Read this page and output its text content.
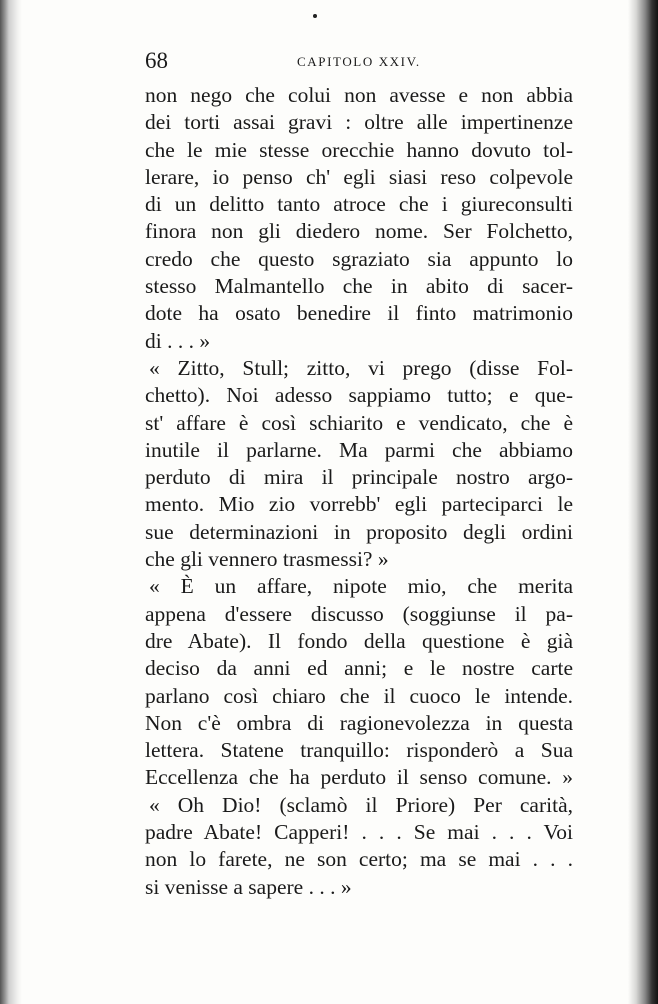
68	CAPITOLO XXIV.
non nego che colui non avesse e non abbia
dei torti assai gravi : oltre alle impertinenze
che le mie stesse orecchie hanno dovuto tol-
lerare, io penso ch' egli siasi reso colpevole
di un delitto tanto atroce che i giureconsulti
finora non gli diedero nome. Ser Folchetto,
credo che questo sgraziato sia appunto lo
stesso Malmantello che in abito di sacer-
dote ha osato benedire il finto matrimonio
di . . . »
« Zitto, Stull; zitto, vi prego (disse Fol-
chetto). Noi adesso sappiamo tutto; e que-
st' affare è così schiarito e vendicato, che è
inutile il parlarne. Ma parmi che abbiamo
perduto di mira il principale nostro argo-
mento. Mio zio vorrebb' egli parteciparci le
sue determinazioni in proposito degli ordini
che gli vennero trasmessi? »
« È un affare, nipote mio, che merita
appena d'essere discusso (soggiunse il pa-
dre Abate). Il fondo della questione è già
deciso da anni ed anni; e le nostre carte
parlano così chiaro che il cuoco le intende.
Non c'è ombra di ragionevolezza in questa
lettera. Statene tranquillo: risponderò a Sua
Eccellenza che ha perduto il senso comune. »
« Oh Dio! (sclamò il Priore) Per carità,
padre Abate! Capperi! . . . Se mai . . . Voi
non lo farete, ne son certo; ma se mai . . .
si venisse a sapere . . . »
